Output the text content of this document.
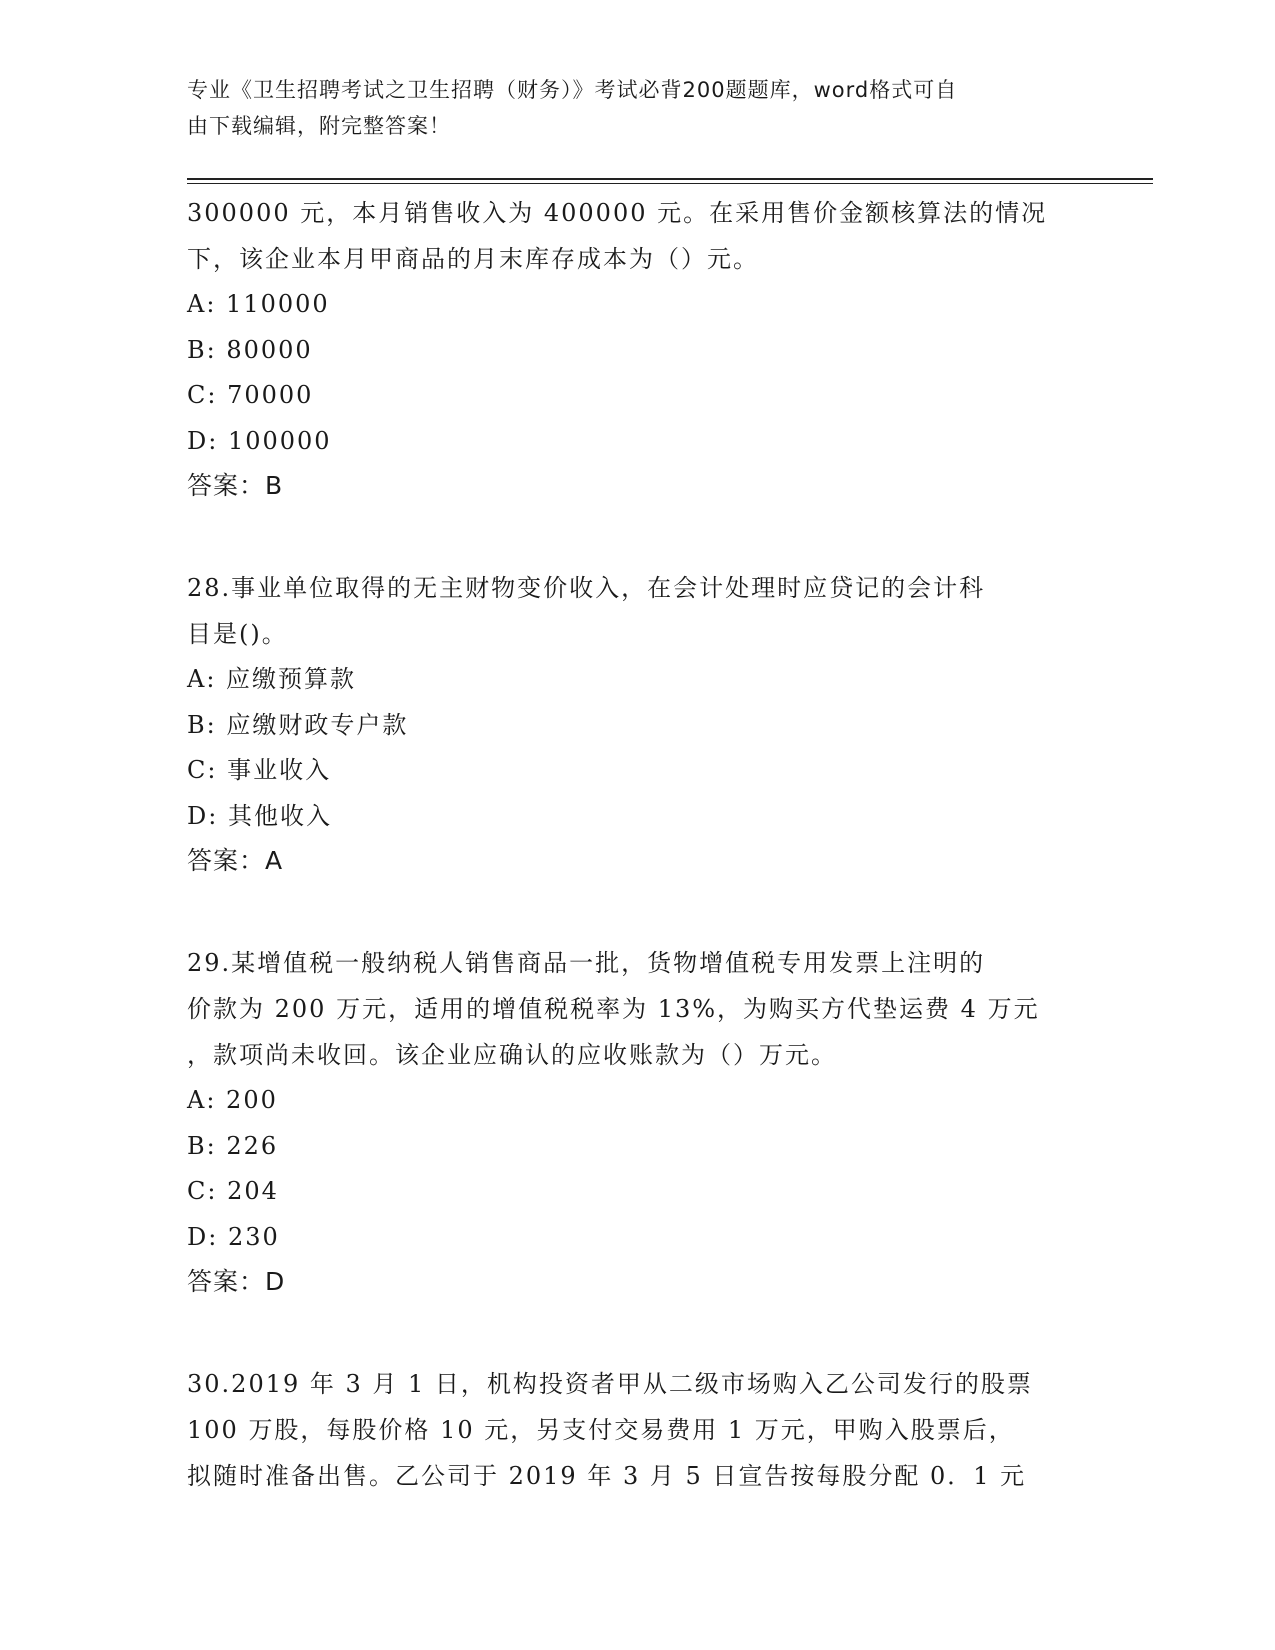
专业《卫生招聘考试之卫生招聘（财务）》考试必背200题题库，word格式可自
由下载编辑，附完整答案！
300000 元，本月销售收入为 400000 元。在采用售价金额核算法的情况
下，该企业本月甲商品的月末库存成本为（）元。
A: 110000
B: 80000
C: 70000
D: 100000
答案：B
28.事业单位取得的无主财物变价收入，在会计处理时应贷记的会计科
目是()。
A: 应缴预算款
B: 应缴财政专户款
C: 事业收入
D: 其他收入
答案：A
29.某增值税一般纳税人销售商品一批，货物增值税专用发票上注明的
价款为 200 万元，适用的增值税税率为 13%，为购买方代垫运费 4 万元
，款项尚未收回。该企业应确认的应收账款为（）万元。
A: 200
B: 226
C: 204
D: 230
答案：D
30.2019 年 3 月 1 日，机构投资者甲从二级市场购入乙公司发行的股票
100 万股，每股价格 10 元，另支付交易费用 1 万元，甲购入股票后，
拟随时准备出售。乙公司于 2019 年 3 月 5 日宣告按每股分配 0．1 元
